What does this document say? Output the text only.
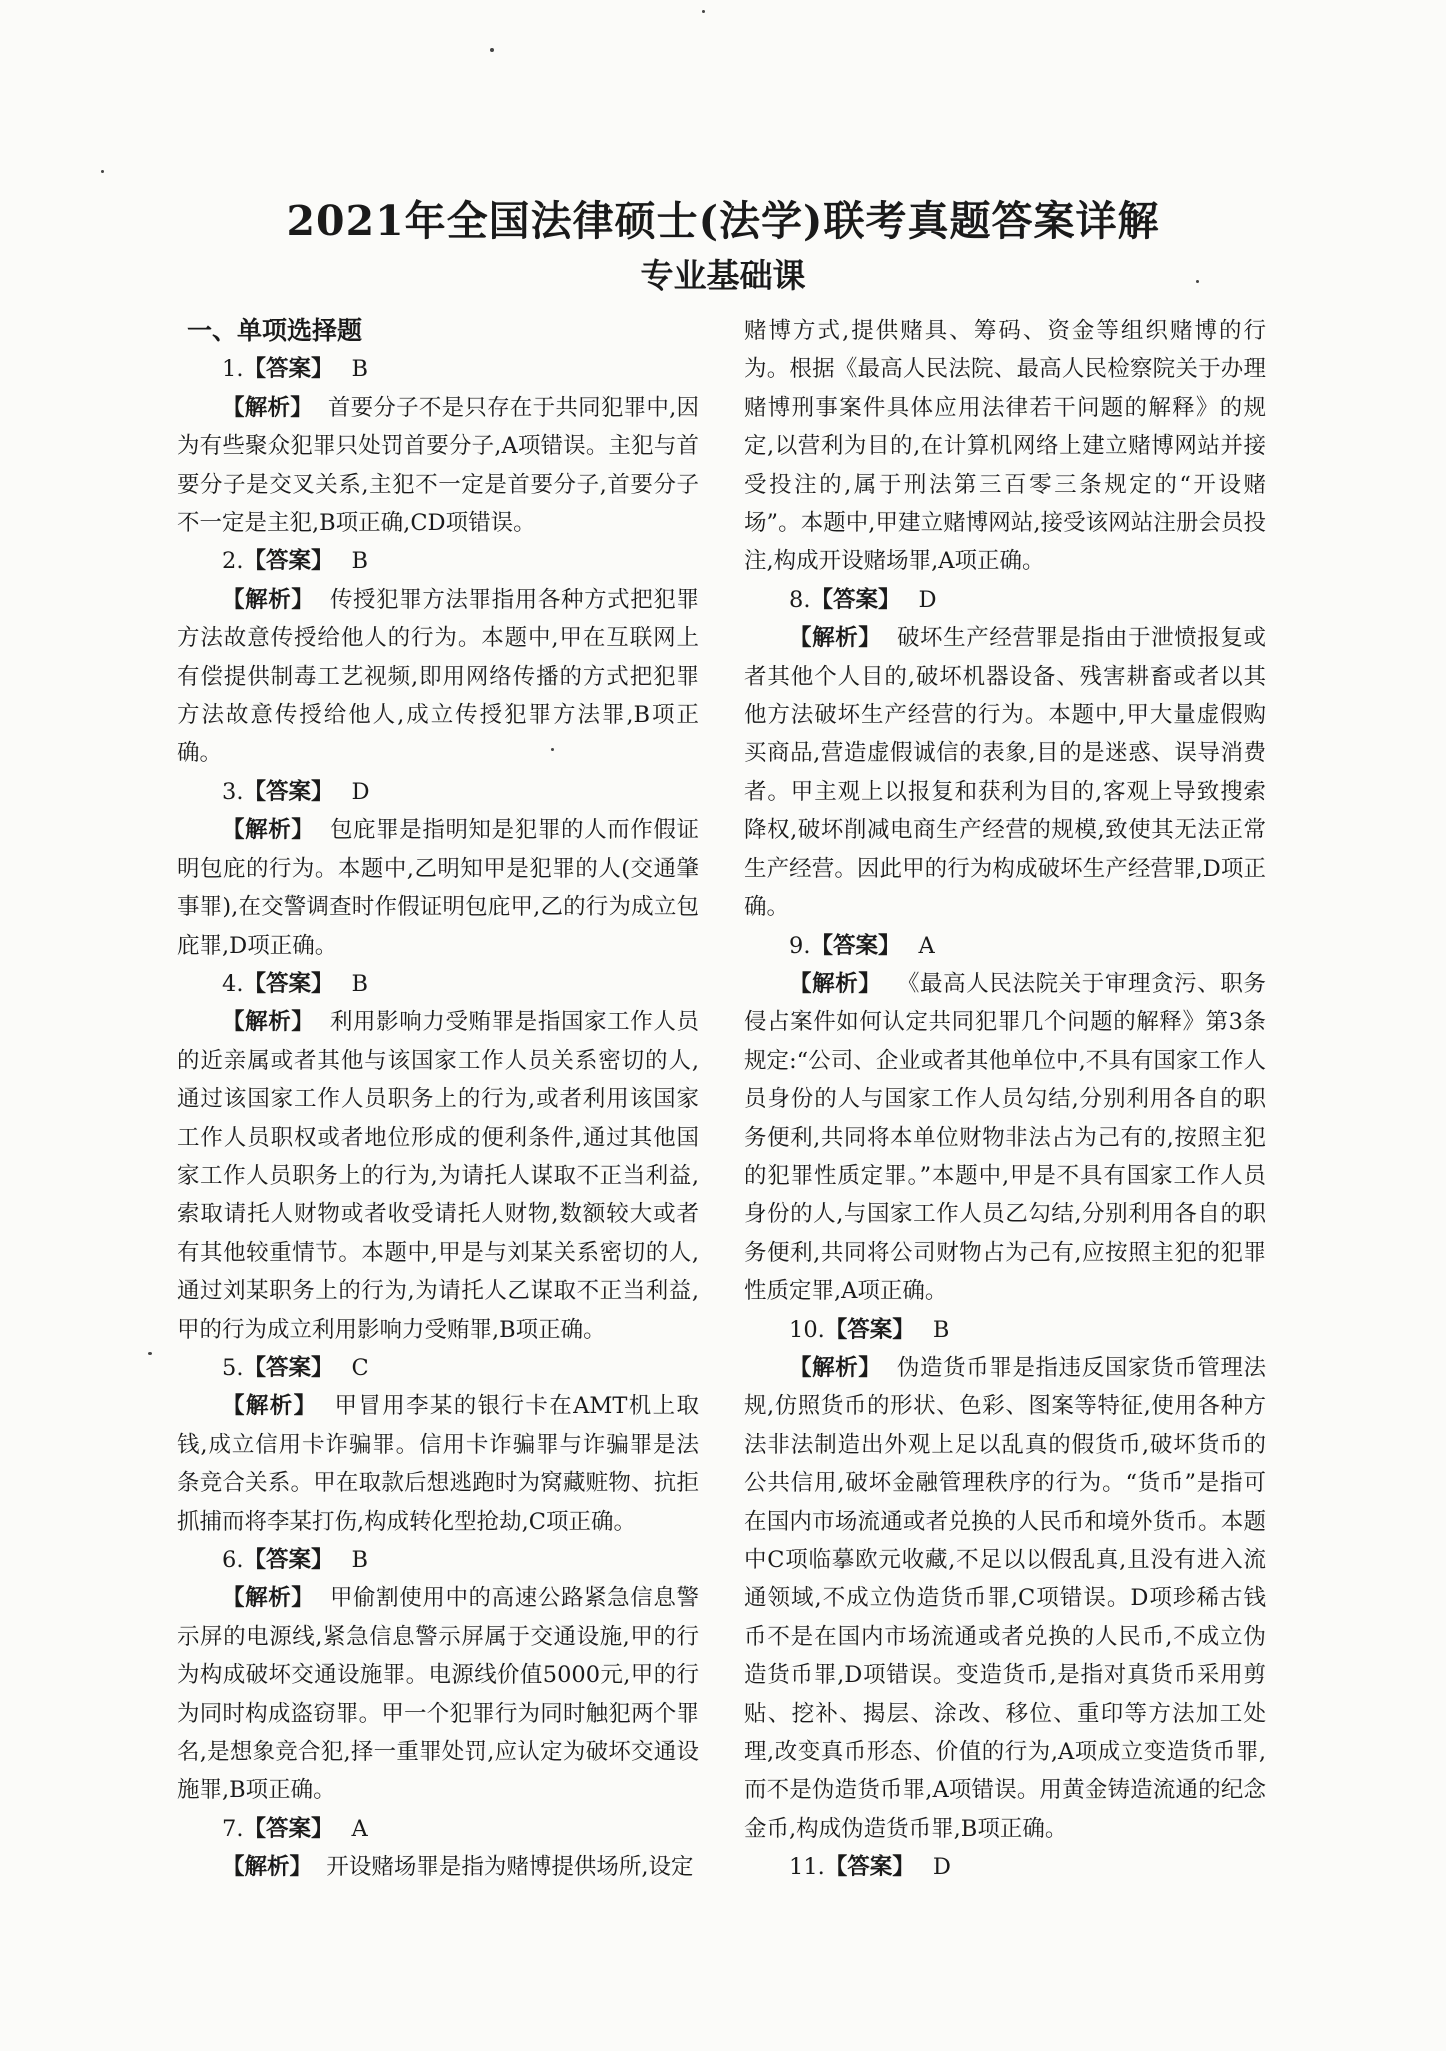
2021年全国法律硕士(法学)联考真题答案详解
专业基础课

一、单项选择题

1.【答案】 B

【解析】 首要分子不是只存在于共同犯罪中,因为有些聚众犯罪只处罚首要分子,A项错误。主犯与首要分子是交叉关系,主犯不一定是首要分子,首要分子不一定是主犯,B项正确,CD项错误。

2.【答案】 B

【解析】 传授犯罪方法罪指用各种方式把犯罪方法故意传授给他人的行为。本题中,甲在互联网上有偿提供制毒工艺视频,即用网络传播的方式把犯罪方法故意传授给他人,成立传授犯罪方法罪,B项正确。

3.【答案】 D

【解析】 包庇罪是指明知是犯罪的人而作假证明包庇的行为。本题中,乙明知甲是犯罪的人(交通肇事罪),在交警调查时作假证明包庇甲,乙的行为成立包庇罪,D项正确。

4.【答案】 B

【解析】 利用影响力受贿罪是指国家工作人员的近亲属或者其他与该国家工作人员关系密切的人,通过该国家工作人员职务上的行为,或者利用该国家工作人员职权或者地位形成的便利条件,通过其他国家工作人员职务上的行为,为请托人谋取不正当利益,索取请托人财物或者收受请托人财物,数额较大或者有其他较重情节。本题中,甲是与刘某关系密切的人,通过刘某职务上的行为,为请托人乙谋取不正当利益,甲的行为成立利用影响力受贿罪,B项正确。

5.【答案】 C

【解析】 甲冒用李某的银行卡在AMT机上取钱,成立信用卡诈骗罪。信用卡诈骗罪与诈骗罪是法条竞合关系。甲在取款后想逃跑时为窝藏赃物、抗拒抓捕而将李某打伤,构成转化型抢劫,C项正确。

6.【答案】 B

【解析】 甲偷割使用中的高速公路紧急信息警示屏的电源线,紧急信息警示屏属于交通设施,甲的行为构成破坏交通设施罪。电源线价值5000元,甲的行为同时构成盗窃罪。甲一个犯罪行为同时触犯两个罪名,是想象竞合犯,择一重罪处罚,应认定为破坏交通设施罪,B项正确。

7.【答案】 A

【解析】 开设赌场罪是指为赌博提供场所,设定

赌博方式,提供赌具、筹码、资金等组织赌博的行为。根据《最高人民法院、最高人民检察院关于办理赌博刑事案件具体应用法律若干问题的解释》的规定,以营利为目的,在计算机网络上建立赌博网站并接受投注的,属于刑法第三百零三条规定的“开设赌场”。本题中,甲建立赌博网站,接受该网站注册会员投注,构成开设赌场罪,A项正确。

8.【答案】 D

【解析】 破坏生产经营罪是指由于泄愤报复或者其他个人目的,破坏机器设备、残害耕畜或者以其他方法破坏生产经营的行为。本题中,甲大量虚假购买商品,营造虚假诚信的表象,目的是迷惑、误导消费者。甲主观上以报复和获利为目的,客观上导致搜索降权,破坏削减电商生产经营的规模,致使其无法正常生产经营。因此甲的行为构成破坏生产经营罪,D项正确。

9.【答案】 A

【解析】 《最高人民法院关于审理贪污、职务侵占案件如何认定共同犯罪几个问题的解释》第3条规定:“公司、企业或者其他单位中,不具有国家工作人员身份的人与国家工作人员勾结,分别利用各自的职务便利,共同将本单位财物非法占为己有的,按照主犯的犯罪性质定罪。”本题中,甲是不具有国家工作人员身份的人,与国家工作人员乙勾结,分别利用各自的职务便利,共同将公司财物占为己有,应按照主犯的犯罪性质定罪,A项正确。

10.【答案】 B

【解析】 伪造货币罪是指违反国家货币管理法规,仿照货币的形状、色彩、图案等特征,使用各种方法非法制造出外观上足以乱真的假货币,破坏货币的公共信用,破坏金融管理秩序的行为。“货币”是指可在国内市场流通或者兑换的人民币和境外货币。本题中C项临摹欧元收藏,不足以以假乱真,且没有进入流通领域,不成立伪造货币罪,C项错误。D项珍稀古钱币不是在国内市场流通或者兑换的人民币,不成立伪造货币罪,D项错误。变造货币,是指对真货币采用剪贴、挖补、揭层、涂改、移位、重印等方法加工处理,改变真币形态、价值的行为,A项成立变造货币罪,而不是伪造货币罪,A项错误。用黄金铸造流通的纪念金币,构成伪造货币罪,B项正确。

11.【答案】 D
